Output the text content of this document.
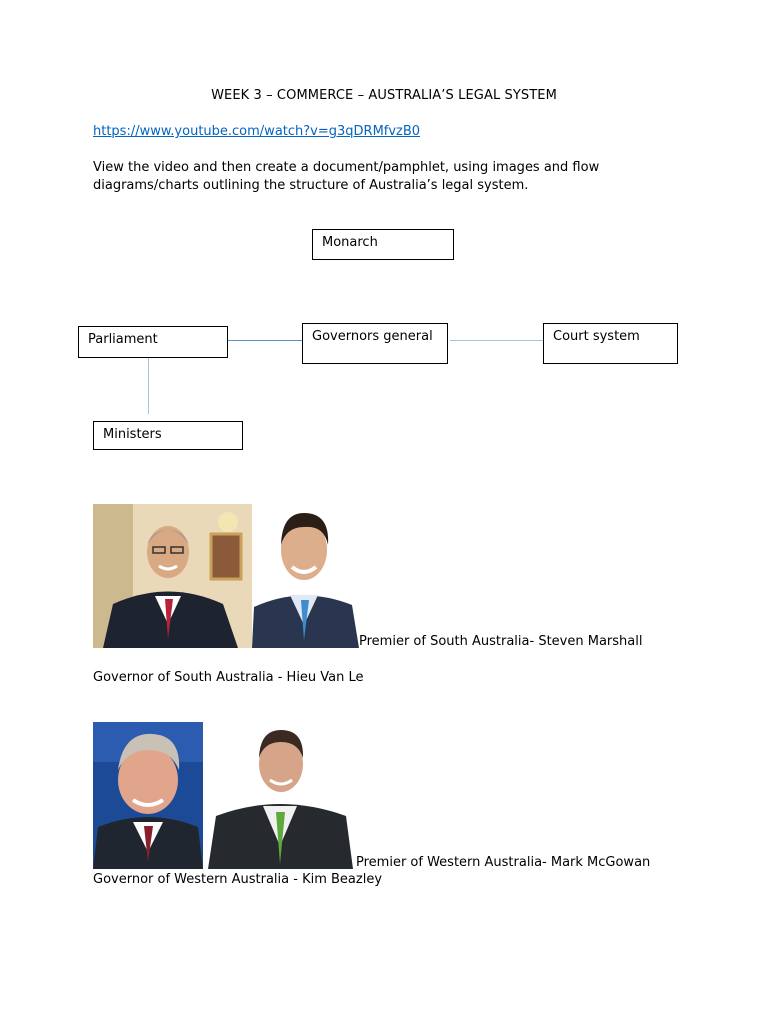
WEEK 3 – COMMERCE – AUSTRALIA’S LEGAL SYSTEM
https://www.youtube.com/watch?v=g3qDRMfvzB0
View the video and then create a document/pamphlet, using images and flow diagrams/charts outlining the structure of Australia’s legal system.
Monarch
Parliament	Governors general	Court system
Ministers
Premier of South Australia- Steven Marshall
Governor of South Australia - Hieu Van Le
Premier of Western Australia- Mark McGowan
Governor of Western Australia - Kim Beazley
